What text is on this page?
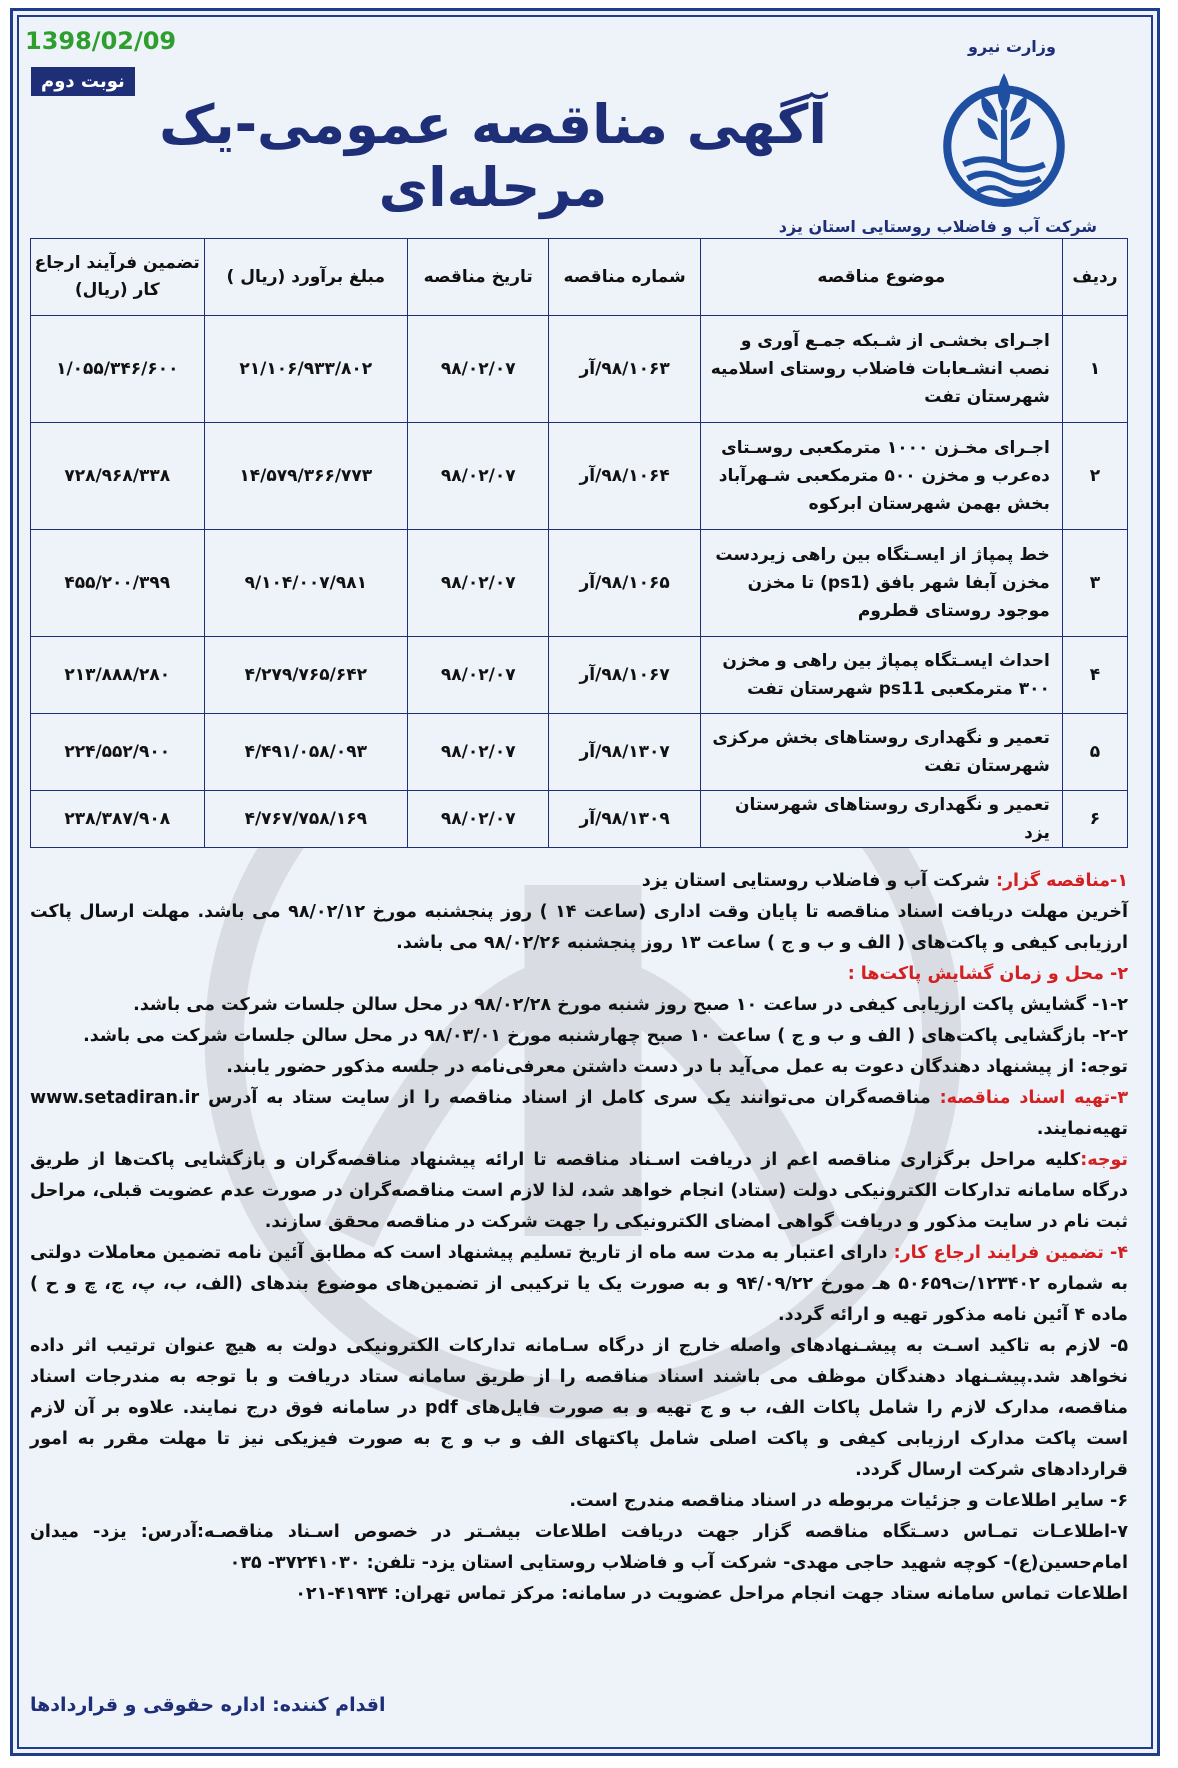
1398/02/09
نوبت دوم
آگهی مناقصه عمومی-یک مرحله‌ای
وزارت نیرو
شرکت آب و فاضلاب روستایی استان یزد
ردیف	موضوع مناقصه	شماره مناقصه	تاریخ مناقصه	مبلغ برآورد (ریال )	تضمین فرآیند ارجاع کار (ریال)
۱	اجـرای بخشـی از شـبکه جمـع آوری و نصب انشـعابات فاضلاب روستای اسلامیه شهرستان تفت	۹۸/۱۰۶۳/آر	۹۸/۰۲/۰۷	۲۱/۱۰۶/۹۳۳/۸۰۲	۱/۰۵۵/۳۴۶/۶۰۰
۲	اجـرای مخـزن ۱۰۰۰ مترمکعبی روسـتای ده‌عرب و مخزن ۵۰۰ مترمکعبی شـهرآباد بخش بهمن شهرستان ابرکوه	۹۸/۱۰۶۴/آر	۹۸/۰۲/۰۷	۱۴/۵۷۹/۳۶۶/۷۷۳	۷۲۸/۹۶۸/۳۳۸
۳	خط پمپاژ از ایسـتگاه بین راهی زیردست مخزن آبفا شهر بافق (ps1) تا مخزن موجود روستای قطروم	۹۸/۱۰۶۵/آر	۹۸/۰۲/۰۷	۹/۱۰۴/۰۰۷/۹۸۱	۴۵۵/۲۰۰/۳۹۹
۴	احداث ایسـتگاه پمپاژ بین راهی و مخزن ۳۰۰ مترمکعبی ps11 شهرستان تفت	۹۸/۱۰۶۷/آر	۹۸/۰۲/۰۷	۴/۲۷۹/۷۶۵/۶۴۲	۲۱۳/۸۸۸/۲۸۰
۵	تعمیر و نگهداری روستاهای بخش مرکزی شهرستان تفت	۹۸/۱۳۰۷/آر	۹۸/۰۲/۰۷	۴/۴۹۱/۰۵۸/۰۹۳	۲۲۴/۵۵۲/۹۰۰
۶	تعمیر و نگهداری روستاهای شهرستان یزد	۹۸/۱۳۰۹/آر	۹۸/۰۲/۰۷	۴/۷۶۷/۷۵۸/۱۶۹	۲۳۸/۳۸۷/۹۰۸

۱-مناقصه گزار: شرکت آب و فاضلاب روستایی استان یزد

آخرین مهلت دریافت اسناد مناقصه تا پایان وقت اداری (ساعت ۱۴ ) روز پنجشنبه مورخ ۹۸/۰۲/۱۲ می باشد. مهلت ارسال پاکت ارزیابی کیفی و پاکت‌های ( الف و ب و ج ) ساعت ۱۳ روز پنجشنبه ۹۸/۰۲/۲۶ می باشد.

۲- محل و زمان گشایش پاکت‌ها :

۱-۲- گشایش پاکت ارزیابی کیفی در ساعت ۱۰ صبح روز شنبه مورخ ۹۸/۰۲/۲۸ در محل سالن جلسات شرکت می باشد.

۲-۲- بازگشایی پاکت‌های ( الف و ب و ج ) ساعت ۱۰ صبح چهارشنبه مورخ ۹۸/۰۳/۰۱ در محل سالن جلسات شرکت می باشد.

توجه: از پیشنهاد دهندگان دعوت به عمل می‌آید با در دست داشتن معرفی‌نامه در جلسه مذکور حضور یابند.

۳-تهیه اسناد مناقصه: مناقصه‌گران می‌توانند یک سری کامل از اسناد مناقصه را از سایت ستاد به آدرس www.setadiran.ir تهیه‌نمایند.

توجه:کلیه مراحل برگزاری مناقصه اعم از دریافت اسـناد مناقصه تا ارائه پیشنهاد مناقصه‌گران و بازگشایی پاکت‌ها از طریق درگاه سامانه تدارکات الکترونیکی دولت (ستاد) انجام خواهد شد، لذا لازم است مناقصه‌گران در صورت عدم عضویت قبلی، مراحل ثبت نام در سایت مذکور و دریافت گواهی امضای الکترونیکی را جهت شرکت در مناقصه محقق سازند.

۴- تضمین فرایند ارجاع کار: دارای اعتبار به مدت سه ماه از تاریخ تسلیم پیشنهاد است که مطابق آئین نامه تضمین معاملات دولتی به شماره ۱۲۳۴۰۲/ت۵۰۶۵۹ هـ مورخ ۹۴/۰۹/۲۲ و به صورت یک یا ترکیبی از تضمین‌های موضوع بندهای (الف، ب، پ، ج، چ و ح ) ماده ۴ آئین نامه مذکور تهیه و ارائه گردد.

۵- لازم به تاکید اسـت به پیشـنهادهای واصله خارج از درگاه سـامانه تدارکات الکترونیکی دولت به هیچ عنوان ترتیب اثر داده نخواهد شد.پیشـنهاد دهندگان موظف می باشند اسناد مناقصه را از طریق سامانه ستاد دریافت و با توجه به مندرجات اسناد مناقصه، مدارک لازم را شامل پاکات الف، ب و ج تهیه و به صورت فایل‌های pdf در سامانه فوق درج نمایند. علاوه بر آن لازم است پاکت مدارک ارزیابی کیفی و پاکت اصلی شامل پاکتهای الف و ب و ج به صورت فیزیکی نیز تا مهلت مقرر به امور قراردادهای شرکت ارسال گردد.

۶- سایر اطلاعات و جزئیات مربوطه در اسناد مناقصه مندرج است.

۷-اطلاعـات تمـاس دسـتگاه مناقصه گزار جهت دریافت اطلاعات بیشـتر در خصوص اسـناد مناقصـه:آدرس: یزد- میدان امام‌حسین(ع)- کوچه شهید حاجی مهدی- شرکت آب و فاضلاب روستایی استان یزد- تلفن: ۳۷۲۴۱۰۳۰- ۰۳۵

اطلاعات تماس سامانه ستاد جهت انجام مراحل عضویت در سامانه: مرکز تماس تهران: ۴۱۹۳۴-۰۲۱

اقدام کننده: اداره حقوقی و قراردادها
